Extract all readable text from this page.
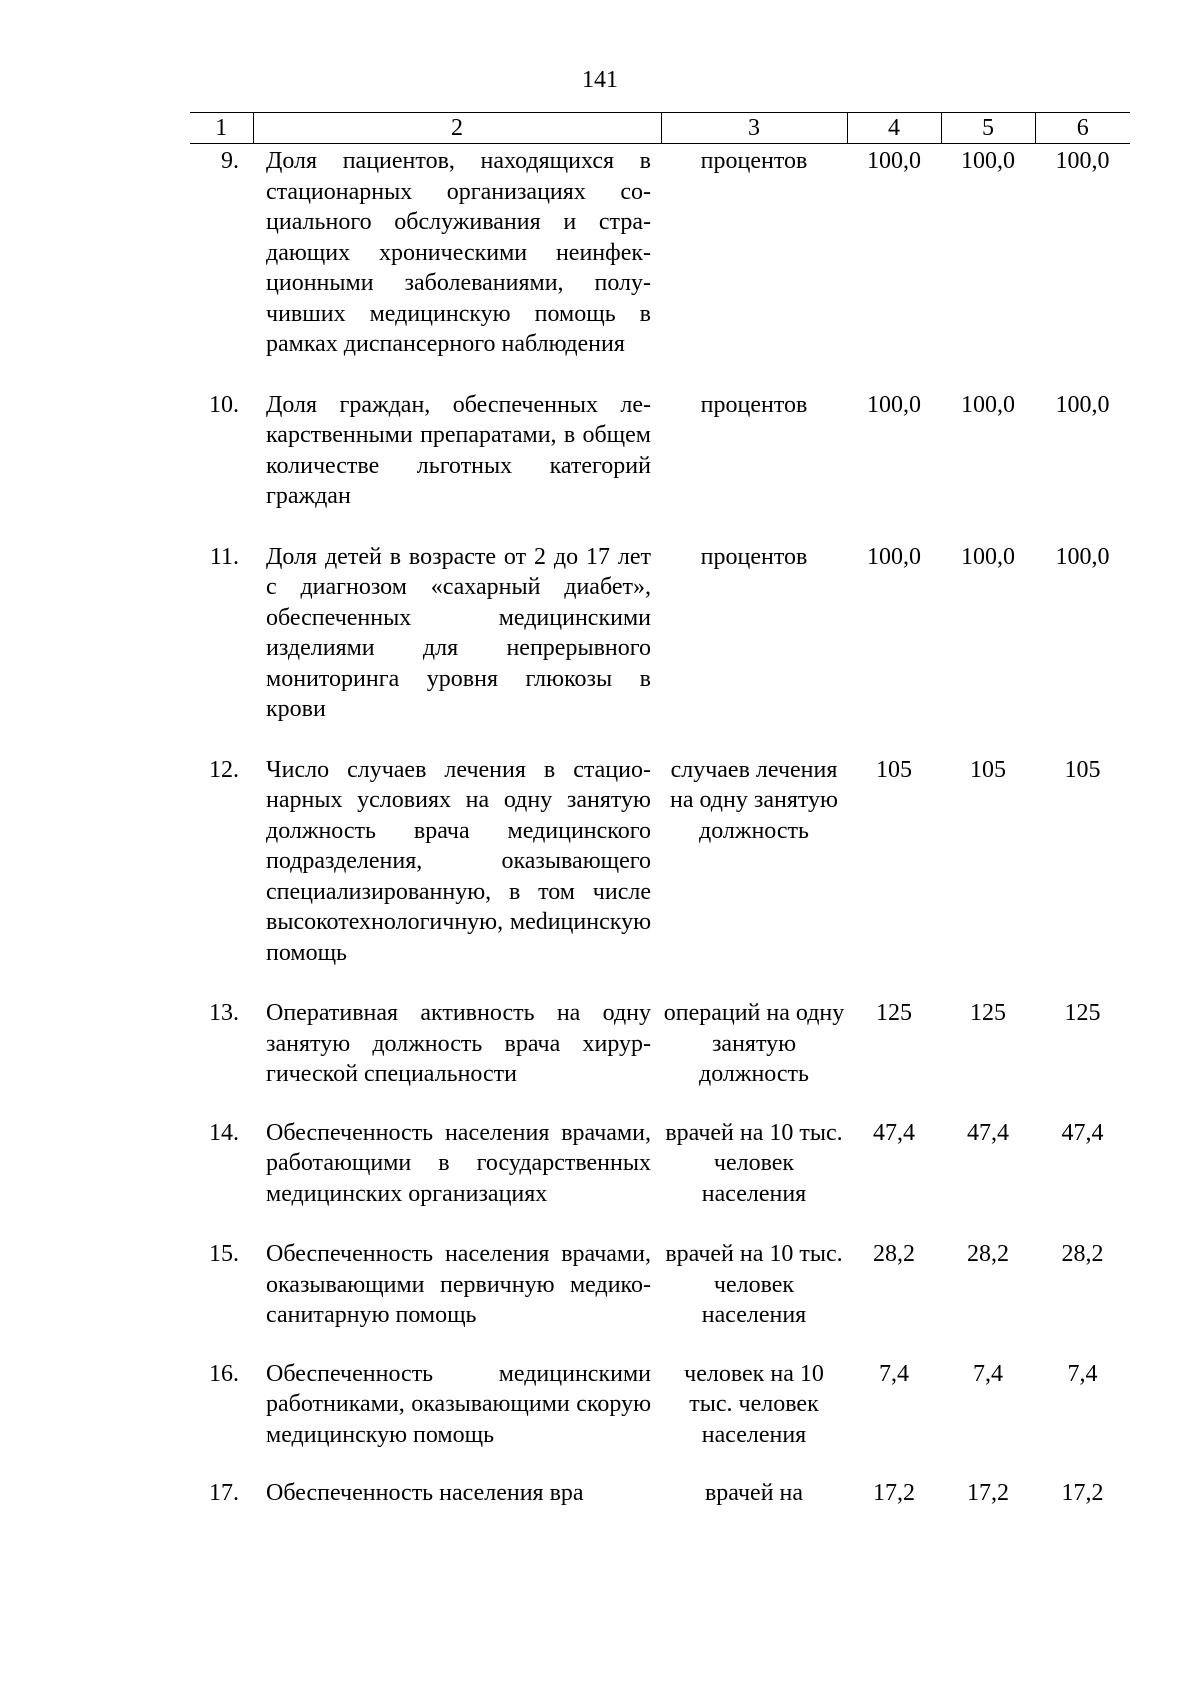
141
1	2	3	4	5	6
9.	Доля пациентов, находящихся в стационарных организациях социального обслуживания и страдающих хроническими неинфекционными заболеваниями, получивших медицинскую помощь в рамках диспансерного наблюдения	процентов	100,0	100,0	100,0
10.	Доля граждан, обеспеченных лекарственными препаратами, в общем количестве льготных категорий граждан	процентов	100,0	100,0	100,0
11.	Доля детей в возрасте от 2 до 17 лет с диагнозом «сахарный диабет», обеспеченных медицинскими изделиями для непрерывного мониторинга уровня глюкозы в крови	процентов	100,0	100,0	100,0
12.	Число случаев лечения в стационарных условиях на одну занятую должность врача медицинского подразделения, оказывающего специализированную, в том числе высокотехнологичную, меdицинскую помощь	случаев лечения на одну занятую должность	105	105	105
13.	Оперативная активность на одну занятую должность врача хирургической специальности	операций на одну занятую должность	125	125	125
14.	Обеспеченность населения врачами, работающими в государственных медицинских организациях	врачей на 10 тыс. человек населения	47,4	47,4	47,4
15.	Обеспеченность населения врачами, оказывающими первичную медико-санитарную помощь	врачей на 10 тыс. человек населения	28,2	28,2	28,2
16.	Обеспеченность медицинскими работниками, оказывающими скорую медицинскую помощь	человек на 10 тыс. человек населения	7,4	7,4	7,4
17.	Обеспеченность населения вра	врачей на	17,2	17,2	17,2
